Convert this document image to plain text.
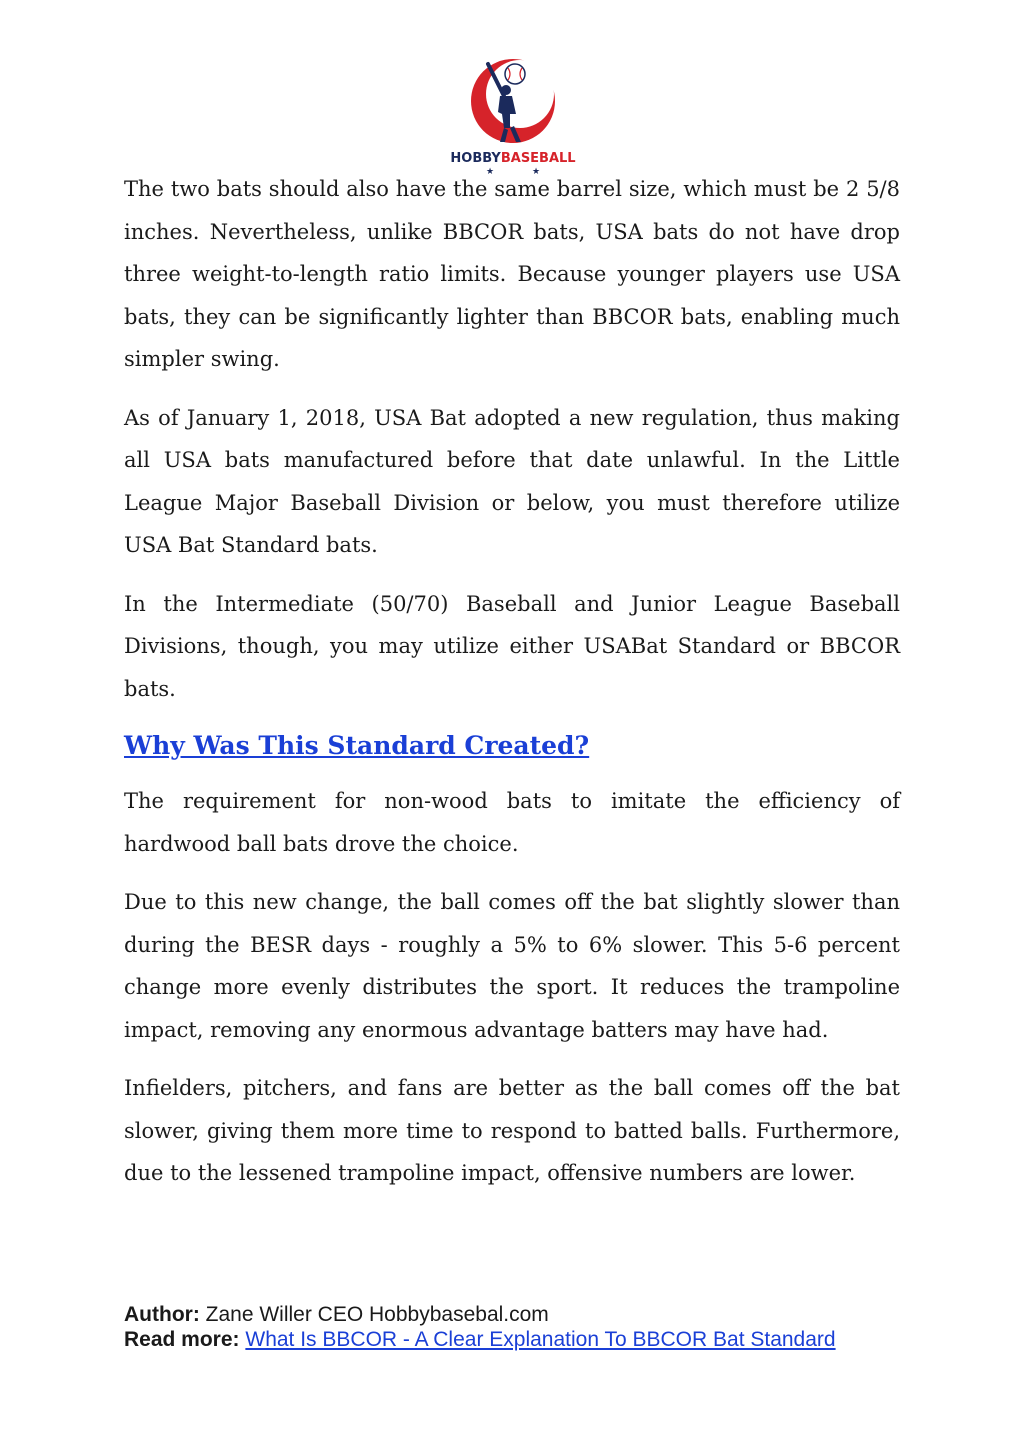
HOBBYBASEBALL
★	★

The two bats should also have the same barrel size, which must be 2 5/8 inches. Nevertheless, unlike BBCOR bats, USA bats do not have drop three weight-to-length ratio limits. Because younger players use USA bats, they can be significantly lighter than BBCOR bats, enabling much simpler swing.

As of January 1, 2018, USA Bat adopted a new regulation, thus making all USA bats manufactured before that date unlawful. In the Little League Major Baseball Division or below, you must therefore utilize USA Bat Standard bats.

In the Intermediate (50/70) Baseball and Junior League Baseball Divisions, though, you may utilize either USABat Standard or BBCOR bats.

Why Was This Standard Created?

The requirement for non-wood bats to imitate the efficiency of hardwood ball bats drove the choice.

Due to this new change, the ball comes off the bat slightly slower than during the BESR days - roughly a 5% to 6% slower. This 5-6 percent change more evenly distributes the sport. It reduces the trampoline impact, removing any enormous advantage batters may have had.

Infielders, pitchers, and fans are better as the ball comes off the bat slower, giving them more time to respond to batted balls. Furthermore, due to the lessened trampoline impact, offensive numbers are lower.

Author: Zane Willer CEO Hobbybasebal.com
Read more: What Is BBCOR - A Clear Explanation To BBCOR Bat Standard
